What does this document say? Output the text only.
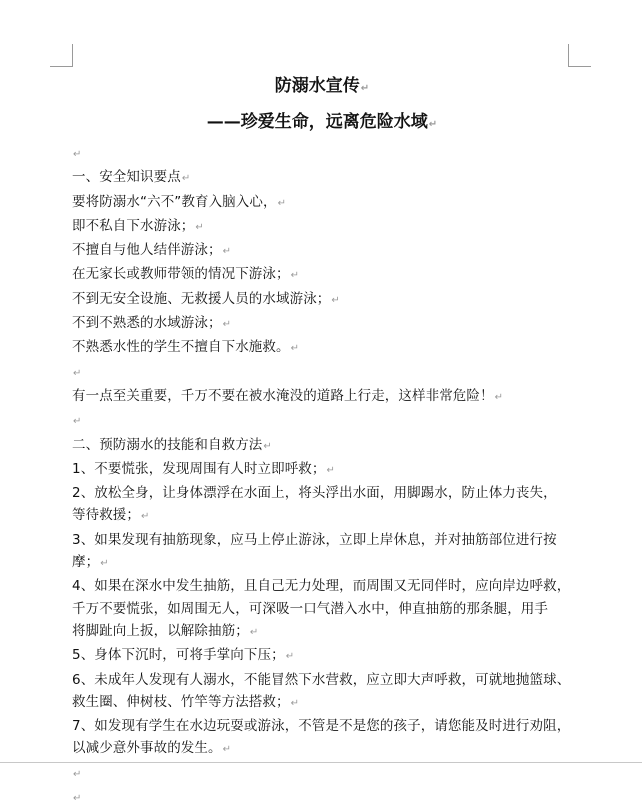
防溺水宣传↵
——珍爱生命，远离危险水域↵
↵
一、安全知识要点↵
要将防溺水“六不”教育入脑入心，↵
即不私自下水游泳；↵
不擅自与他人结伴游泳；↵
在无家长或教师带领的情况下游泳；↵
不到无安全设施、无救援人员的水域游泳；↵
不到不熟悉的水域游泳；↵
不熟悉水性的学生不擅自下水施救。↵
↵
有一点至关重要，千万不要在被水淹没的道路上行走，这样非常危险！↵
↵
二、预防溺水的技能和自救方法↵
1、不要慌张，发现周围有人时立即呼救；↵
2、放松全身，让身体漂浮在水面上，将头浮出水面，用脚踢水，防止体力丧失，
等待救援；↵
3、如果发现有抽筋现象，应马上停止游泳，立即上岸休息，并对抽筋部位进行按
摩；↵
4、如果在深水中发生抽筋，且自己无力处理，而周围又无同伴时，应向岸边呼救，
千万不要慌张，如周围无人，可深吸一口气潜入水中，伸直抽筋的那条腿，用手
将脚趾向上扳，以解除抽筋；↵
5、身体下沉时，可将手掌向下压；↵
6、未成年人发现有人溺水，不能冒然下水营救，应立即大声呼救，可就地抛篮球、
救生圈、伸树枝、竹竿等方法搭救；↵
7、如发现有学生在水边玩耍或游泳，不管是不是您的孩子，请您能及时进行劝阻，
以减少意外事故的发生。↵
↵
↵
